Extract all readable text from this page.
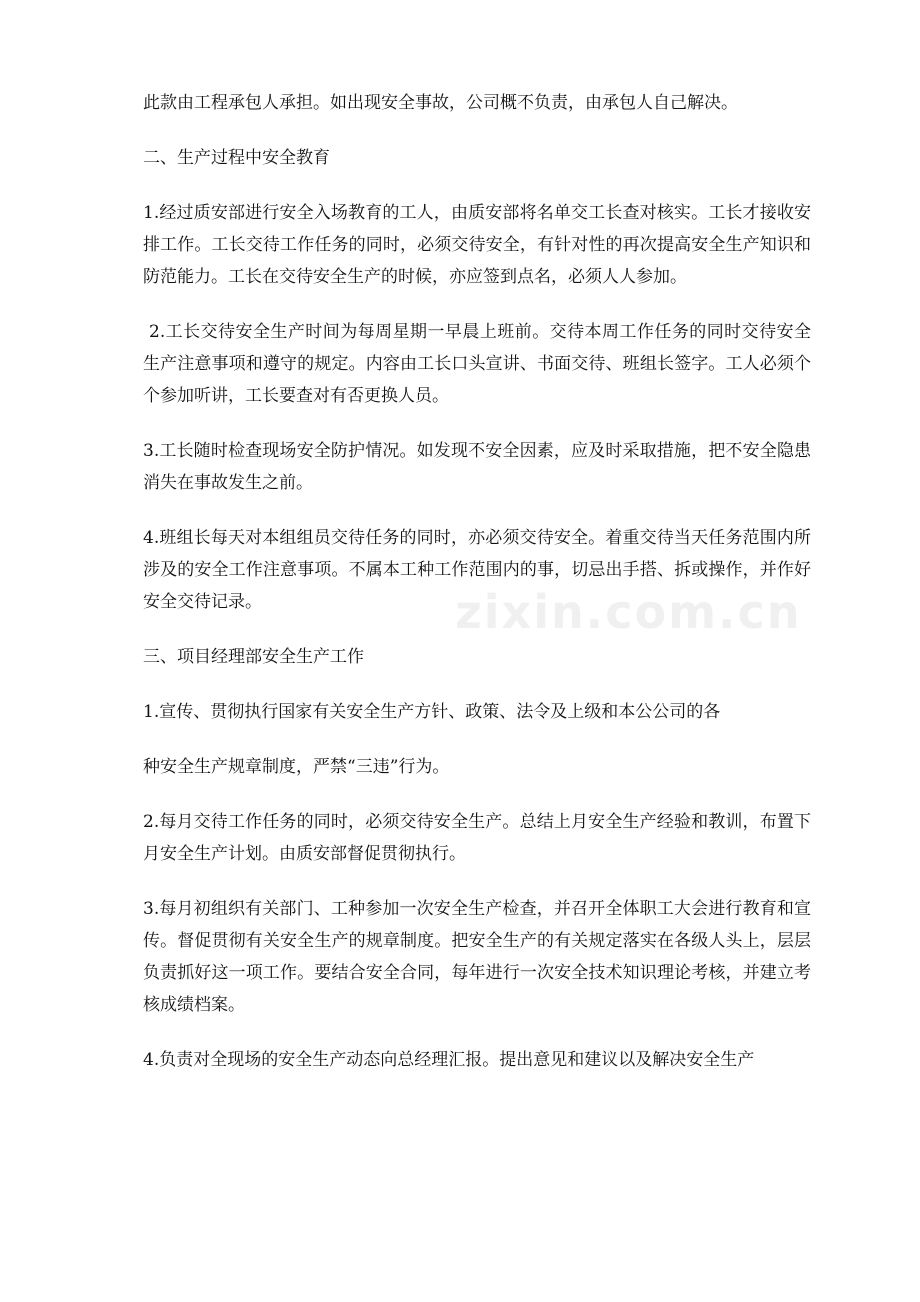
此款由工程承包人承担。如出现安全事故，公司概不负责，由承包人自己解决。

二、生产过程中安全教育

1.经过质安部进行安全入场教育的工人，由质安部将名单交工长查对核实。工长才接收安排工作。工长交待工作任务的同时，必须交待安全，有针对性的再次提高安全生产知识和防范能力。工长在交待安全生产的时候，亦应签到点名，必须人人参加。

2.工长交待安全生产时间为每周星期一早晨上班前。交待本周工作任务的同时交待安全生产注意事项和遵守的规定。内容由工长口头宣讲、书面交待、班组长签字。工人必须个个参加听讲，工长要查对有否更换人员。

3.工长随时检查现场安全防护情况。如发现不安全因素，应及时采取措施，把不安全隐患消失在事故发生之前。

4.班组长每天对本组组员交待任务的同时，亦必须交待安全。着重交待当天任务范围内所涉及的安全工作注意事项。不属本工种工作范围内的事，切忌出手搭、拆或操作，并作好安全交待记录。

三、项目经理部安全生产工作

1.宣传、贯彻执行国家有关安全生产方针、政策、法令及上级和本公公司的各

种安全生产规章制度，严禁“三违”行为。

2.每月交待工作任务的同时，必须交待安全生产。总结上月安全生产经验和教训，布置下月安全生产计划。由质安部督促贯彻执行。

3.每月初组织有关部门、工种参加一次安全生产检查，并召开全体职工大会进行教育和宣传。督促贯彻有关安全生产的规章制度。把安全生产的有关规定落实在各级人头上，层层负责抓好这一项工作。要结合安全合同，每年进行一次安全技术知识理论考核，并建立考核成绩档案。

4.负责对全现场的安全生产动态向总经理汇报。提出意见和建议以及解决安全生产

zixin.com.cn
